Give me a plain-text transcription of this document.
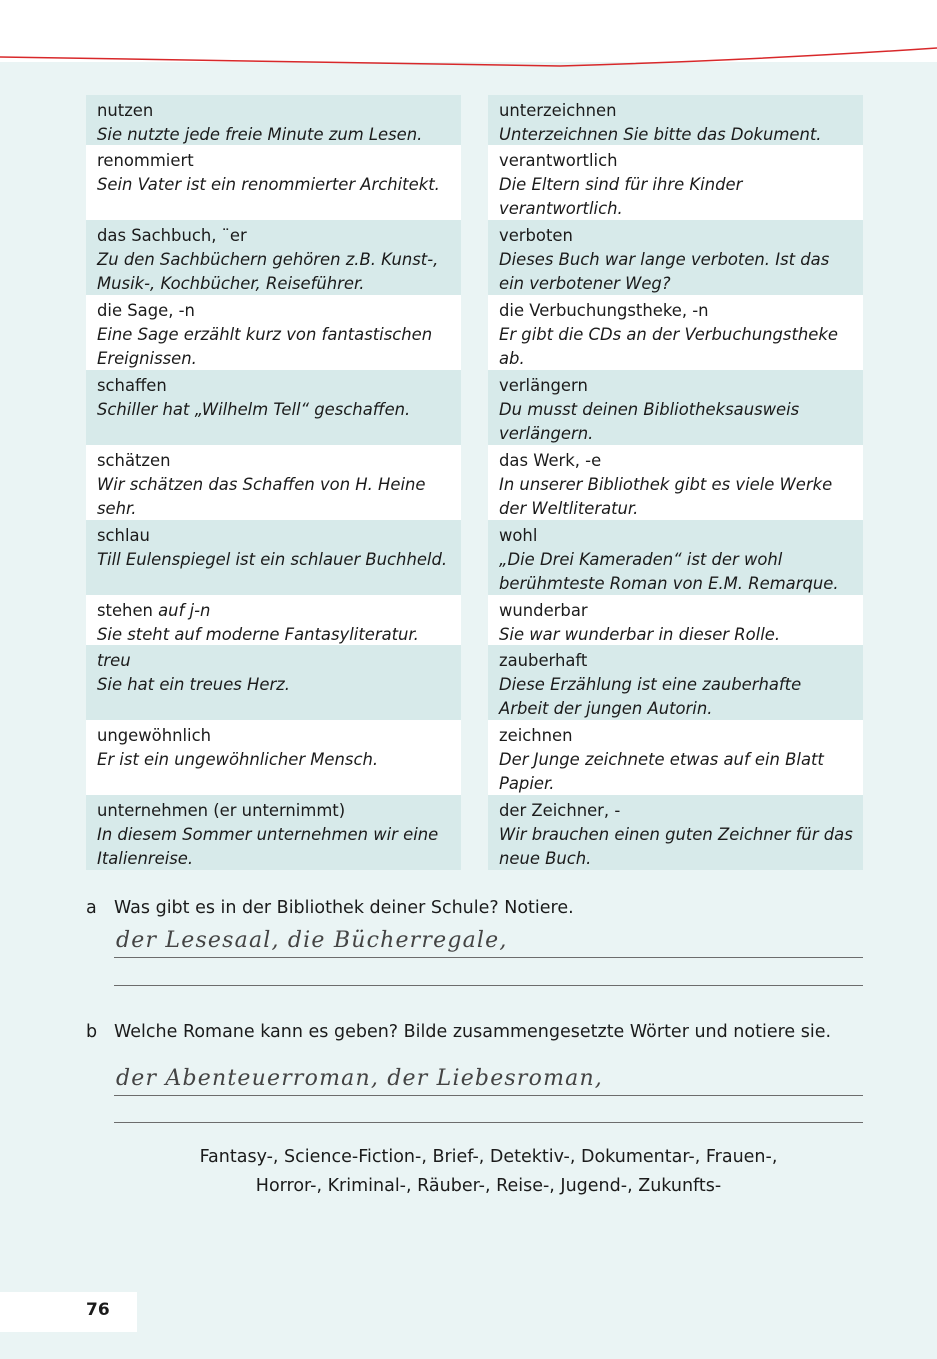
nutzen
Sie nutzte jede freie Minute zum Lesen.
renommiert
Sein Vater ist ein renommierter Architekt.
das Sachbuch, ¨er
Zu den Sachbüchern gehören z.B. Kunst-, Musik-, Kochbücher, Reiseführer.
die Sage, -n
Eine Sage erzählt kurz von fantastischen Ereignissen.
schaffen
Schiller hat „Wilhelm Tell“ geschaffen.
schätzen
Wir schätzen das Schaffen von H. Heine sehr.
schlau
Till Eulenspiegel ist ein schlauer Buchheld.
stehen auf j-n
Sie steht auf moderne Fantasyliteratur.
treu
Sie hat ein treues Herz.
ungewöhnlich
Er ist ein ungewöhnlicher Mensch.
unternehmen (er unternimmt)
In diesem Sommer unternehmen wir eine Italienreise.
unterzeichnen
Unterzeichnen Sie bitte das Dokument.
verantwortlich
Die Eltern sind für ihre Kinder verantwortlich.
verboten
Dieses Buch war lange verboten. Ist das ein verbotener Weg?
die Verbuchungstheke, -n
Er gibt die CDs an der Verbuchungstheke ab.
verlängern
Du musst deinen Bibliotheksausweis verlängern.
das Werk, -e
In unserer Bibliothek gibt es viele Werke der Weltliteratur.
wohl
„Die Drei Kameraden“ ist der wohl berühmteste Roman von E.M. Remarque.
wunderbar
Sie war wunderbar in dieser Rolle.
zauberhaft
Diese Erzählung ist eine zauberhafte Arbeit der jungen Autorin.
zeichnen
Der Junge zeichnete etwas auf ein Blatt Papier.
der Zeichner, -
Wir brauchen einen guten Zeichner für das neue Buch.
a Was gibt es in der Bibliothek deiner Schule? Notiere.
der Lesesaal, die Bücherregale,
b Welche Romane kann es geben? Bilde zusammengesetzte Wörter und notiere sie.
der Abenteuerroman, der Liebesroman,
Fantasy-, Science-Fiction-, Brief-, Detektiv-, Dokumentar-, Frauen-,
Horror-, Kriminal-, Räuber-, Reise-, Jugend-, Zukunfts-
76
